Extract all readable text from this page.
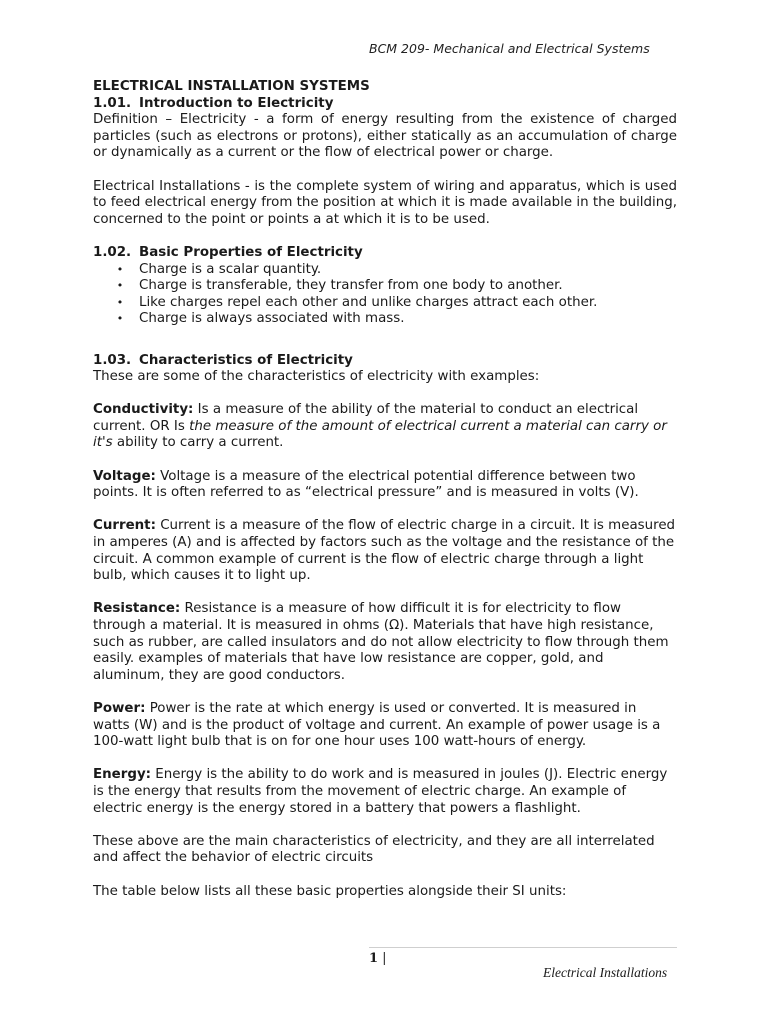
BCM 209- Mechanical and Electrical Systems

ELECTRICAL INSTALLATION SYSTEMS

1.01. Introduction to Electricity

Definition – Electricity - a form of energy resulting from the existence of charged particles (such as electrons or protons), either statically as an accumulation of charge or dynamically as a current or the flow of electrical power or charge.

Electrical Installations - is the complete system of wiring and apparatus, which is used to feed electrical energy from the position at which it is made available in the building, concerned to the point or points a at which it is to be used.

1.02. Basic Properties of Electricity

• Charge is a scalar quantity.
• Charge is transferable, they transfer from one body to another.
• Like charges repel each other and unlike charges attract each other.
• Charge is always associated with mass.

1.03. Characteristics of Electricity

These are some of the characteristics of electricity with examples:

Conductivity: Is a measure of the ability of the material to conduct an electrical current. OR Is the measure of the amount of electrical current a material can carry or it's ability to carry a current.

Voltage: Voltage is a measure of the electrical potential difference between two points. It is often referred to as “electrical pressure” and is measured in volts (V).

Current: Current is a measure of the flow of electric charge in a circuit. It is measured in amperes (A) and is affected by factors such as the voltage and the resistance of the circuit. A common example of current is the flow of electric charge through a light bulb, which causes it to light up.

Resistance: Resistance is a measure of how difficult it is for electricity to flow through a material. It is measured in ohms (Ω). Materials that have high resistance, such as rubber, are called insulators and do not allow electricity to flow through them easily. examples of materials that have low resistance are copper, gold, and aluminum, they are good conductors.

Power: Power is the rate at which energy is used or converted. It is measured in watts (W) and is the product of voltage and current. An example of power usage is a 100-watt light bulb that is on for one hour uses 100 watt-hours of energy.

Energy: Energy is the ability to do work and is measured in joules (J). Electric energy is the energy that results from the movement of electric charge. An example of electric energy is the energy stored in a battery that powers a flashlight.

These above are the main characteristics of electricity, and they are all interrelated and affect the behavior of electric circuits

The table below lists all these basic properties alongside their SI units:

1 |
Electrical Installations
